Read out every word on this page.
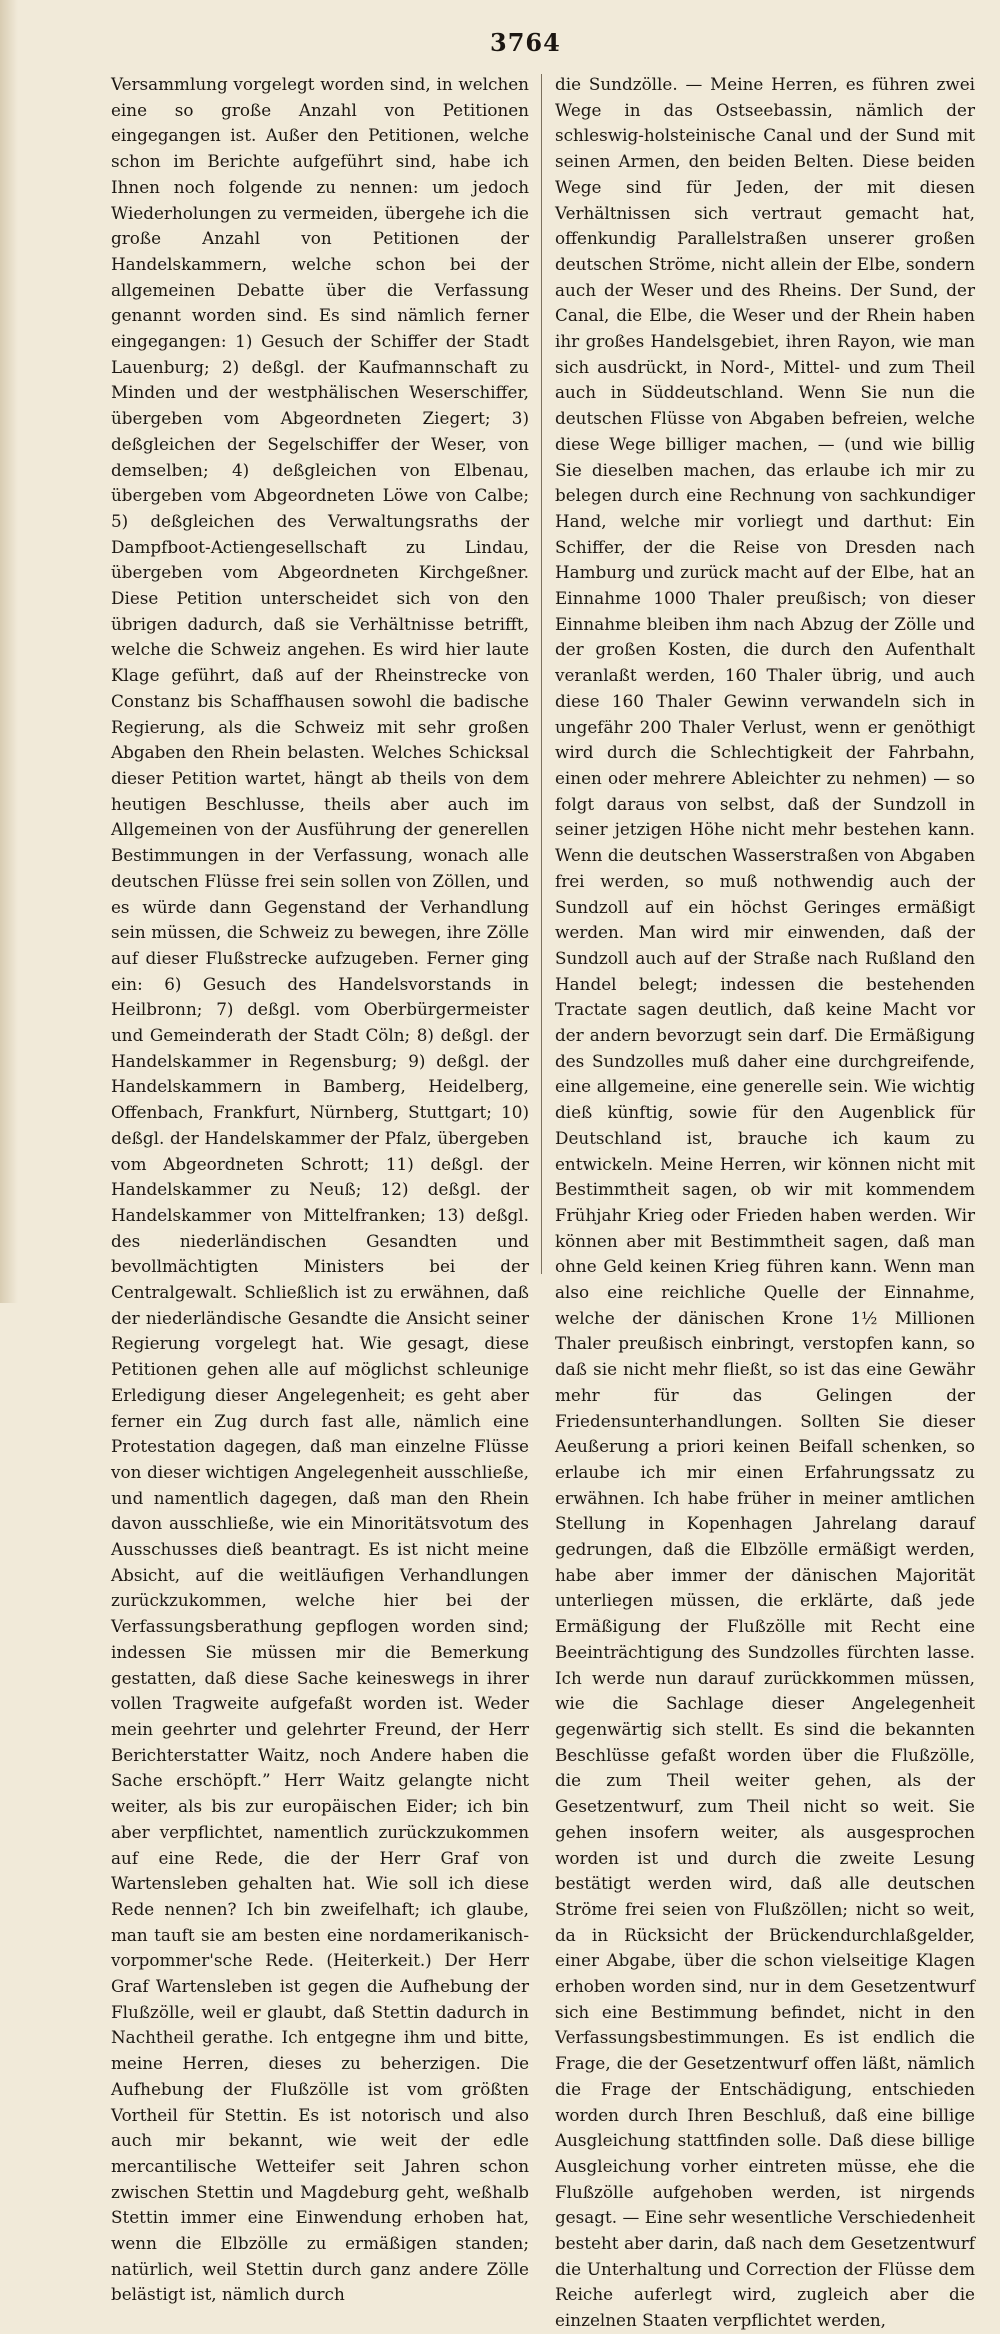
3764

Versammlung vorgelegt worden sind, in welchen eine so große Anzahl von Petitionen eingegangen ist. Außer den Petitionen, welche schon im Berichte aufgeführt sind, habe ich Ihnen noch folgende zu nennen: um jedoch Wiederholungen zu vermeiden, übergehe ich die große Anzahl von Petitionen der Handelskammern, welche schon bei der allgemeinen Debatte über die Verfassung genannt worden sind. Es sind nämlich ferner eingegangen: 1) Gesuch der Schiffer der Stadt Lauenburg; 2) deßgl. der Kaufmannschaft zu Minden und der westphälischen Weserschiffer, übergeben vom Abgeordneten Ziegert; 3) deßgleichen der Segelschiffer der Weser, von demselben; 4) deßgleichen von Elbenau, übergeben vom Abgeordneten Löwe von Calbe; 5) deßgleichen des Verwaltungsraths der Dampfboot-Actiengesellschaft zu Lindau, übergeben vom Abgeordneten Kirchgeßner. Diese Petition unterscheidet sich von den übrigen dadurch, daß sie Verhältnisse betrifft, welche die Schweiz angehen. Es wird hier laute Klage geführt, daß auf der Rheinstrecke von Constanz bis Schaffhausen sowohl die badische Regierung, als die Schweiz mit sehr großen Abgaben den Rhein belasten. Welches Schicksal dieser Petition wartet, hängt ab theils von dem heutigen Beschlusse, theils aber auch im Allgemeinen von der Ausführung der generellen Bestimmungen in der Verfassung, wonach alle deutschen Flüsse frei sein sollen von Zöllen, und es würde dann Gegenstand der Verhandlung sein müssen, die Schweiz zu bewegen, ihre Zölle auf dieser Flußstrecke aufzugeben. Ferner ging ein: 6) Gesuch des Handelsvorstands in Heilbronn; 7) deßgl. vom Oberbürgermeister und Gemeinderath der Stadt Cöln; 8) deßgl. der Handelskammer in Regensburg; 9) deßgl. der Handelskammern in Bamberg, Heidelberg, Offenbach, Frankfurt, Nürnberg, Stuttgart; 10) deßgl. der Handelskammer der Pfalz, übergeben vom Abgeordneten Schrott; 11) deßgl. der Handelskammer zu Neuß; 12) deßgl. der Handelskammer von Mittelfranken; 13) deßgl. des niederländischen Gesandten und bevollmächtigten Ministers bei der Centralgewalt. Schließlich ist zu erwähnen, daß der niederländische Gesandte die Ansicht seiner Regierung vorgelegt hat. Wie gesagt, diese Petitionen gehen alle auf möglichst schleunige Erledigung dieser Angelegenheit; es geht aber ferner ein Zug durch fast alle, nämlich eine Protestation dagegen, daß man einzelne Flüsse von dieser wichtigen Angelegenheit ausschließe, und namentlich dagegen, daß man den Rhein davon ausschließe, wie ein Minoritätsvotum des Ausschusses dieß beantragt. Es ist nicht meine Absicht, auf die weitläufigen Verhandlungen zurückzukommen, welche hier bei der Verfassungsberathung gepflogen worden sind; indessen Sie müssen mir die Bemerkung gestatten, daß diese Sache keineswegs in ihrer vollen Tragweite aufgefaßt worden ist. Weder mein geehrter und gelehrter Freund, der Herr Berichterstatter Waitz, noch Andere haben die Sache erschöpft.” Herr Waitz gelangte nicht weiter, als bis zur europäischen Eider; ich bin aber verpflichtet, namentlich zurückzukommen auf eine Rede, die der Herr Graf von Wartensleben gehalten hat. Wie soll ich diese Rede nennen? Ich bin zweifelhaft; ich glaube, man tauft sie am besten eine nordamerikanisch-vorpommer'sche Rede. (Heiterkeit.) Der Herr Graf Wartensleben ist gegen die Aufhebung der Flußzölle, weil er glaubt, daß Stettin dadurch in Nachtheil gerathe. Ich entgegne ihm und bitte, meine Herren, dieses zu beherzigen. Die Aufhebung der Flußzölle ist vom größten Vortheil für Stettin. Es ist notorisch und also auch mir bekannt, wie weit der edle mercantilische Wetteifer seit Jahren schon zwischen Stettin und Magdeburg geht, weßhalb Stettin immer eine Einwendung erhoben hat, wenn die Elbzölle zu ermäßigen standen; natürlich, weil Stettin durch ganz andere Zölle belästigt ist, nämlich durch

die Sundzölle. — Meine Herren, es führen zwei Wege in das Ostseebassin, nämlich der schleswig-holsteinische Canal und der Sund mit seinen Armen, den beiden Belten. Diese beiden Wege sind für Jeden, der mit diesen Verhältnissen sich vertraut gemacht hat, offenkundig Parallelstraßen unserer großen deutschen Ströme, nicht allein der Elbe, sondern auch der Weser und des Rheins. Der Sund, der Canal, die Elbe, die Weser und der Rhein haben ihr großes Handelsgebiet, ihren Rayon, wie man sich ausdrückt, in Nord-, Mittel- und zum Theil auch in Süddeutschland. Wenn Sie nun die deutschen Flüsse von Abgaben befreien, welche diese Wege billiger machen, — (und wie billig Sie dieselben machen, das erlaube ich mir zu belegen durch eine Rechnung von sachkundiger Hand, welche mir vorliegt und darthut: Ein Schiffer, der die Reise von Dresden nach Hamburg und zurück macht auf der Elbe, hat an Einnahme 1000 Thaler preußisch; von dieser Einnahme bleiben ihm nach Abzug der Zölle und der großen Kosten, die durch den Aufenthalt veranlaßt werden, 160 Thaler übrig, und auch diese 160 Thaler Gewinn verwandeln sich in ungefähr 200 Thaler Verlust, wenn er genöthigt wird durch die Schlechtigkeit der Fahrbahn, einen oder mehrere Ableichter zu nehmen) — so folgt daraus von selbst, daß der Sundzoll in seiner jetzigen Höhe nicht mehr bestehen kann. Wenn die deutschen Wasserstraßen von Abgaben frei werden, so muß nothwendig auch der Sundzoll auf ein höchst Geringes ermäßigt werden. Man wird mir einwenden, daß der Sundzoll auch auf der Straße nach Rußland den Handel belegt; indessen die bestehenden Tractate sagen deutlich, daß keine Macht vor der andern bevorzugt sein darf. Die Ermäßigung des Sundzolles muß daher eine durchgreifende, eine allgemeine, eine generelle sein. Wie wichtig dieß künftig, sowie für den Augenblick für Deutschland ist, brauche ich kaum zu entwickeln. Meine Herren, wir können nicht mit Bestimmtheit sagen, ob wir mit kommendem Frühjahr Krieg oder Frieden haben werden. Wir können aber mit Bestimmtheit sagen, daß man ohne Geld keinen Krieg führen kann. Wenn man also eine reichliche Quelle der Einnahme, welche der dänischen Krone 1½ Millionen Thaler preußisch einbringt, verstopfen kann, so daß sie nicht mehr fließt, so ist das eine Gewähr mehr für das Gelingen der Friedensunterhandlungen. Sollten Sie dieser Aeußerung a priori keinen Beifall schenken, so erlaube ich mir einen Erfahrungssatz zu erwähnen. Ich habe früher in meiner amtlichen Stellung in Kopenhagen Jahrelang darauf gedrungen, daß die Elbzölle ermäßigt werden, habe aber immer der dänischen Majorität unterliegen müssen, die erklärte, daß jede Ermäßigung der Flußzölle mit Recht eine Beeinträchtigung des Sundzolles fürchten lasse. Ich werde nun darauf zurückkommen müssen, wie die Sachlage dieser Angelegenheit gegenwärtig sich stellt. Es sind die bekannten Beschlüsse gefaßt worden über die Flußzölle, die zum Theil weiter gehen, als der Gesetzentwurf, zum Theil nicht so weit. Sie gehen insofern weiter, als ausgesprochen worden ist und durch die zweite Lesung bestätigt werden wird, daß alle deutschen Ströme frei seien von Flußzöllen; nicht so weit, da in Rücksicht der Brückendurchlaßgelder, einer Abgabe, über die schon vielseitige Klagen erhoben worden sind, nur in dem Gesetzentwurf sich eine Bestimmung befindet, nicht in den Verfassungsbestimmungen. Es ist endlich die Frage, die der Gesetzentwurf offen läßt, nämlich die Frage der Entschädigung, entschieden worden durch Ihren Beschluß, daß eine billige Ausgleichung stattfinden solle. Daß diese billige Ausgleichung vorher eintreten müsse, ehe die Flußzölle aufgehoben werden, ist nirgends gesagt. — Eine sehr wesentliche Verschiedenheit besteht aber darin, daß nach dem Gesetzentwurf die Unterhaltung und Correction der Flüsse dem Reiche auferlegt wird, zugleich aber die einzelnen Staaten verpflichtet werden,
